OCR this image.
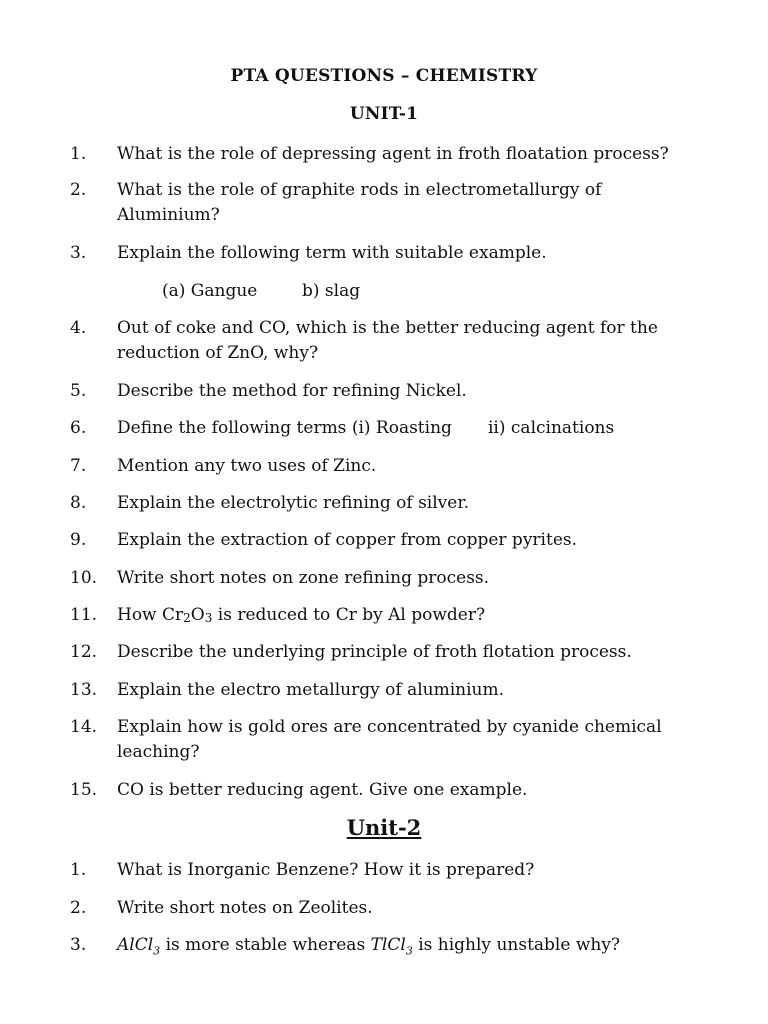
PTA QUESTIONS – CHEMISTRY
UNIT-1
1. What is the role of depressing agent in froth floatation process?
2. What is the role of graphite rods in electrometallurgy of
Aluminium?
3. Explain the following term with suitable example.
(a) Gangue	b) slag
4. Out of coke and CO, which is the better reducing agent for the
reduction of ZnO, why?
5. Describe the method for refining Nickel.
6. Define the following terms (i) Roasting	ii) calcinations
7. Mention any two uses of Zinc.
8. Explain the electrolytic refining of silver.
9. Explain the extraction of copper from copper pyrites.
10. Write short notes on zone refining process.
11. How Cr2O3 is reduced to Cr by Al powder?
12. Describe the underlying principle of froth flotation process.
13. Explain the electro metallurgy of aluminium.
14. Explain how is gold ores are concentrated by cyanide chemical
leaching?
15. CO is better reducing agent. Give one example.
Unit-2
1. What is Inorganic Benzene? How it is prepared?
2. Write short notes on Zeolites.
3. AlCl$_3$ is more stable whereas TlCl$_3$ is highly unstable why?
